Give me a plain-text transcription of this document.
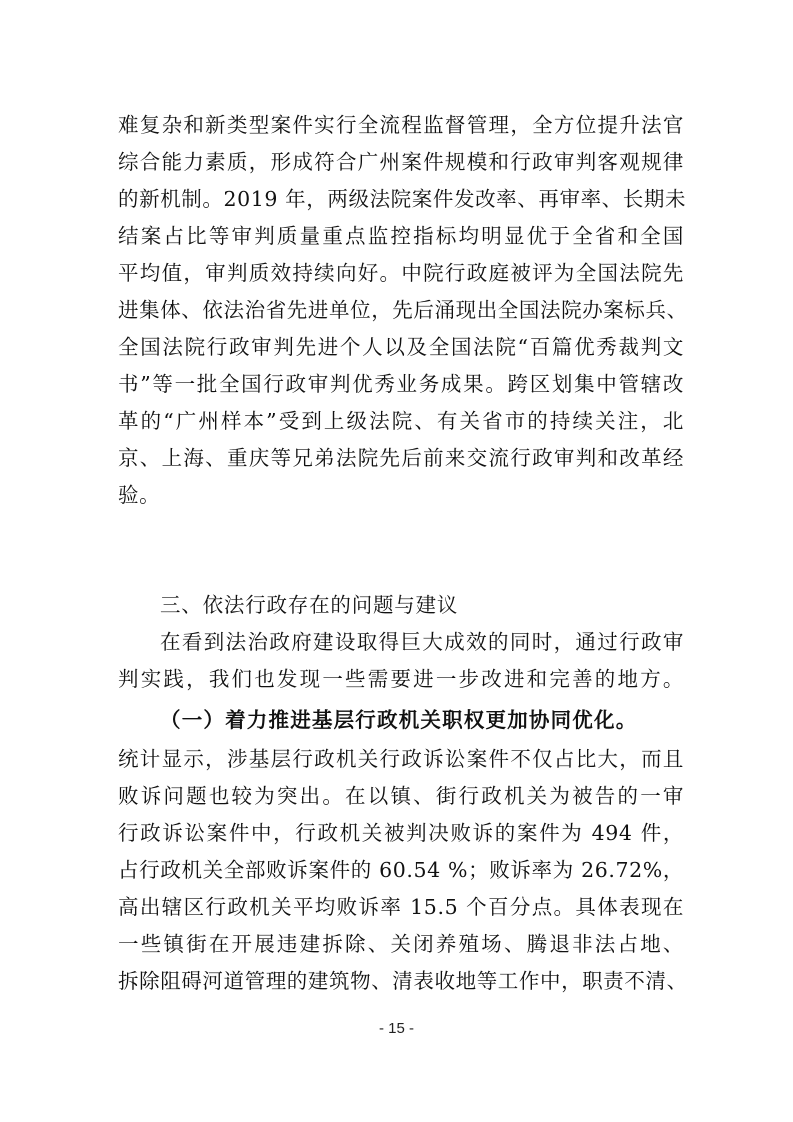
难复杂和新类型案件实行全流程监督管理，全方位提升法官
综合能力素质，形成符合广州案件规模和行政审判客观规律
的新机制。2019 年，两级法院案件发改率、再审率、长期未
结案占比等审判质量重点监控指标均明显优于全省和全国
平均值，审判质效持续向好。中院行政庭被评为全国法院先
进集体、依法治省先进单位，先后涌现出全国法院办案标兵、
全国法院行政审判先进个人以及全国法院“百篇优秀裁判文
书”等一批全国行政审判优秀业务成果。跨区划集中管辖改
革的“广州样本”受到上级法院、有关省市的持续关注，北
京、上海、重庆等兄弟法院先后前来交流行政审判和改革经
验。
三、依法行政存在的问题与建议
在看到法治政府建设取得巨大成效的同时，通过行政审
判实践，我们也发现一些需要进一步改进和完善的地方。
（一）着力推进基层行政机关职权更加协同优化。
统计显示，涉基层行政机关行政诉讼案件不仅占比大，而且
败诉问题也较为突出。在以镇、街行政机关为被告的一审
行政诉讼案件中，行政机关被判决败诉的案件为 494 件，
占行政机关全部败诉案件的 60.54 %；败诉率为 26.72%，
高出辖区行政机关平均败诉率 15.5 个百分点。具体表现在
一些镇街在开展违建拆除、关闭养殖场、腾退非法占地、
拆除阻碍河道管理的建筑物、清表收地等工作中，职责不清、
- 15 -
